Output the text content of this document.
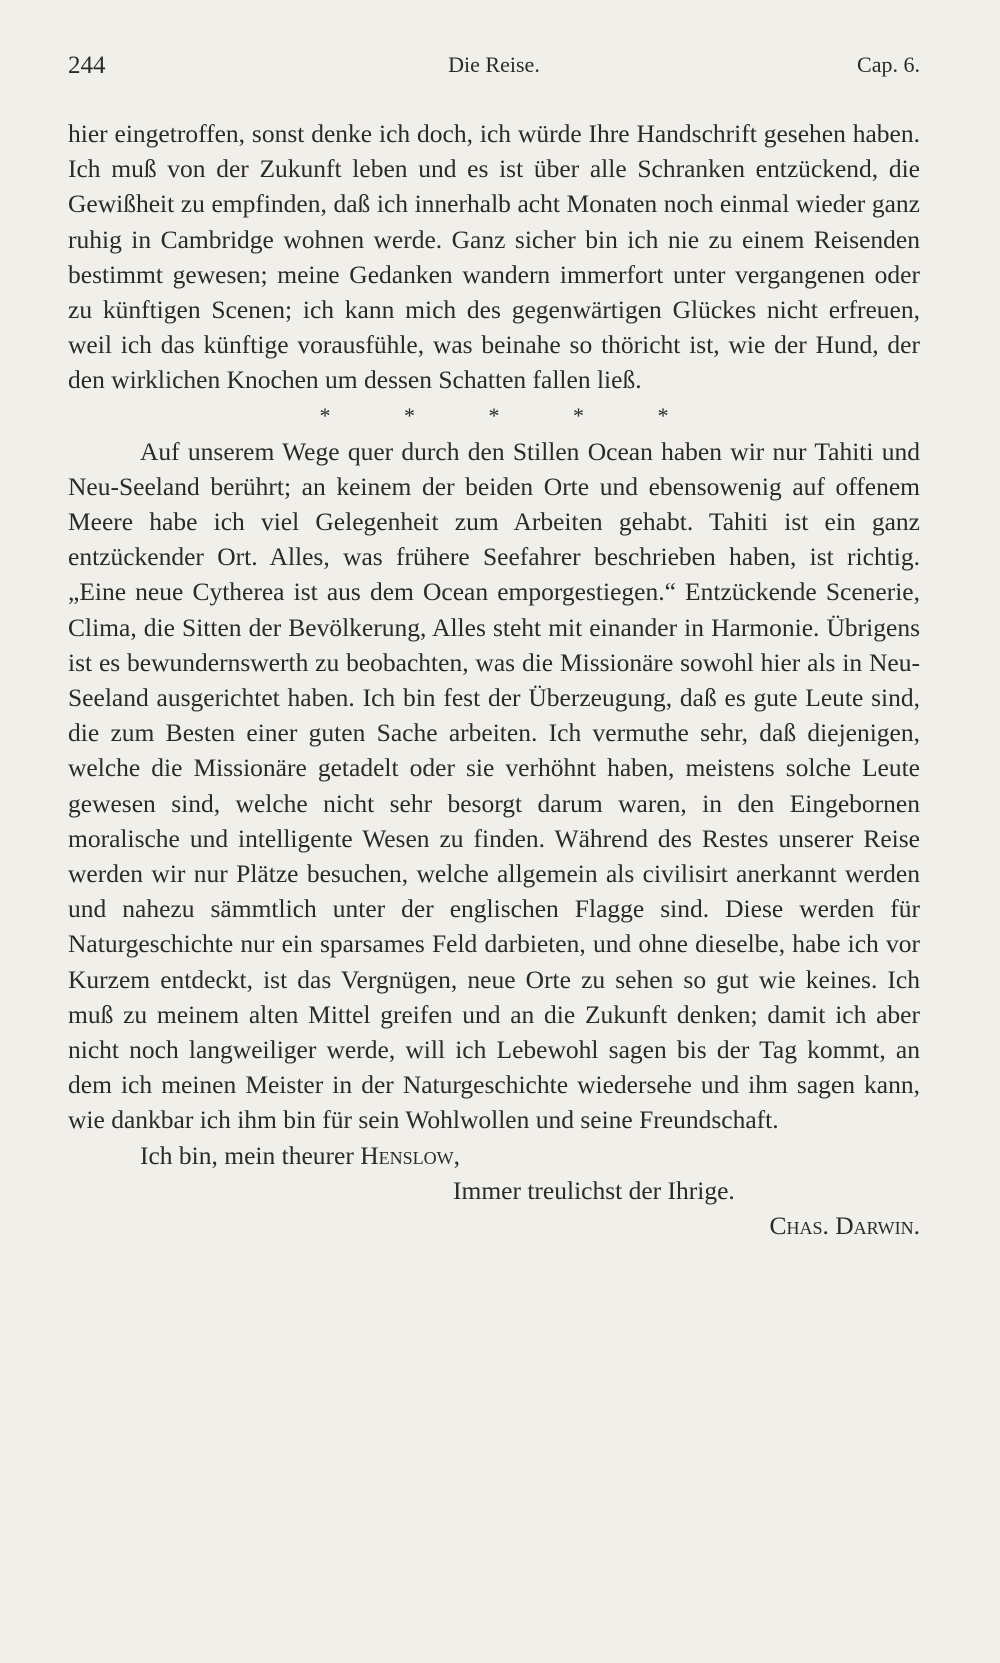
244	Die Reise.	Cap. 6.

hier eingetroffen, sonst denke ich doch, ich würde Ihre Handschrift gesehen haben. Ich muß von der Zukunft leben und es ist über alle Schranken entzückend, die Gewißheit zu empfinden, daß ich innerhalb acht Monaten noch einmal wieder ganz ruhig in Cambridge wohnen werde. Ganz sicher bin ich nie zu einem Reisenden bestimmt gewesen; meine Gedanken wandern immerfort unter vergangenen oder zu künftigen Scenen; ich kann mich des gegenwärtigen Glückes nicht erfreuen, weil ich das künftige vorausfühle, was beinahe so thöricht ist, wie der Hund, der den wirklichen Knochen um dessen Schatten fallen ließ.

* * * * *

Auf unserem Wege quer durch den Stillen Ocean haben wir nur Tahiti und Neu-Seeland berührt; an keinem der beiden Orte und ebensowenig auf offenem Meere habe ich viel Gelegenheit zum Arbeiten gehabt. Tahiti ist ein ganz entzückender Ort. Alles, was frühere Seefahrer beschrieben haben, ist richtig. „Eine neue Cytherea ist aus dem Ocean emporgestiegen.“ Entzückende Scenerie, Clima, die Sitten der Bevölkerung, Alles steht mit einander in Harmonie. Übrigens ist es bewundernswerth zu beobachten, was die Missionäre sowohl hier als in Neu-Seeland ausgerichtet haben. Ich bin fest der Überzeugung, daß es gute Leute sind, die zum Besten einer guten Sache arbeiten. Ich vermuthe sehr, daß diejenigen, welche die Missionäre getadelt oder sie verhöhnt haben, meistens solche Leute gewesen sind, welche nicht sehr besorgt darum waren, in den Eingebornen moralische und intelligente Wesen zu finden. Während des Restes unserer Reise werden wir nur Plätze besuchen, welche allgemein als civilisirt anerkannt werden und nahezu sämmtlich unter der englischen Flagge sind. Diese werden für Naturgeschichte nur ein sparsames Feld darbieten, und ohne dieselbe, habe ich vor Kurzem entdeckt, ist das Vergnügen, neue Orte zu sehen so gut wie keines. Ich muß zu meinem alten Mittel greifen und an die Zukunft denken; damit ich aber nicht noch langweiliger werde, will ich Lebewohl sagen bis der Tag kommt, an dem ich meinen Meister in der Naturgeschichte wiedersehe und ihm sagen kann, wie dankbar ich ihm bin für sein Wohlwollen und seine Freundschaft.

Ich bin, mein theurer Henslow,

Immer treulichst der Ihrige.

Chas. Darwin.
